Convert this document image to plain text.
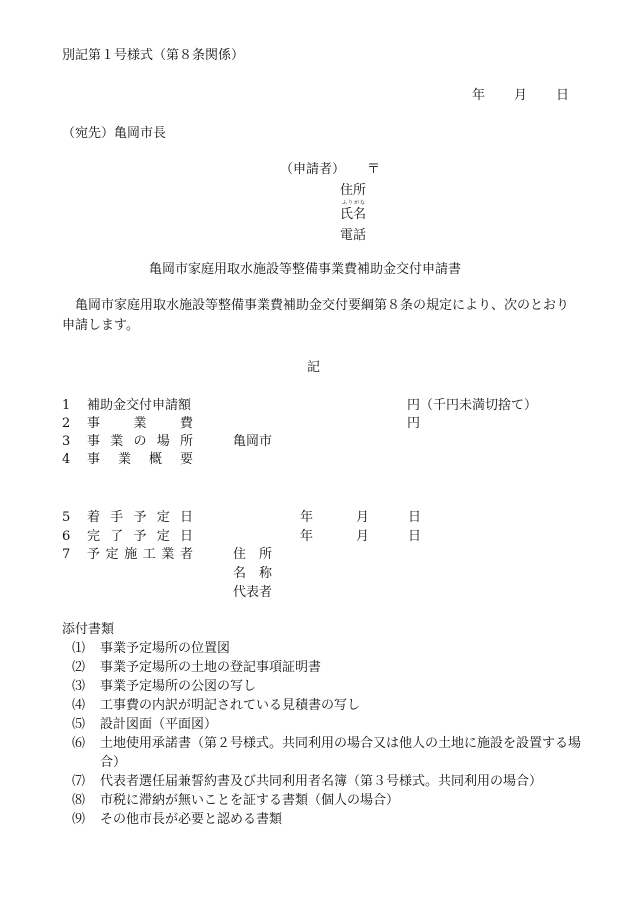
別記第１号様式（第８条関係）
年 月 日
（宛先）亀岡市長
（申請者） 〒
住所
ふりがな
氏名
電話
亀岡市家庭用取水施設等整備事業費補助金交付申請書
亀岡市家庭用取水施設等整備事業費補助金交付要綱第８条の規定により、次のとおり申請します。
記
1 補助金交付申請額	円（千円未満切捨て）
2 事業費	円
3 事業の場所	亀岡市
4 事業概要
5 着手予定日	年	月	日
6 完了予定日	年	月	日
7 予定施工業者	住所
名称
代表者
添付書類
⑴ 事業予定場所の位置図
⑵ 事業予定場所の土地の登記事項証明書
⑶ 事業予定場所の公図の写し
⑷ 工事費の内訳が明記されている見積書の写し
⑸ 設計図面（平面図）
⑹ 土地使用承諾書（第２号様式。共同利用の場合又は他人の土地に施設を設置する場合）
⑺ 代表者選任届兼誓約書及び共同利用者名簿（第３号様式。共同利用の場合）
⑻ 市税に滞納が無いことを証する書類（個人の場合）
⑼ その他市長が必要と認める書類
